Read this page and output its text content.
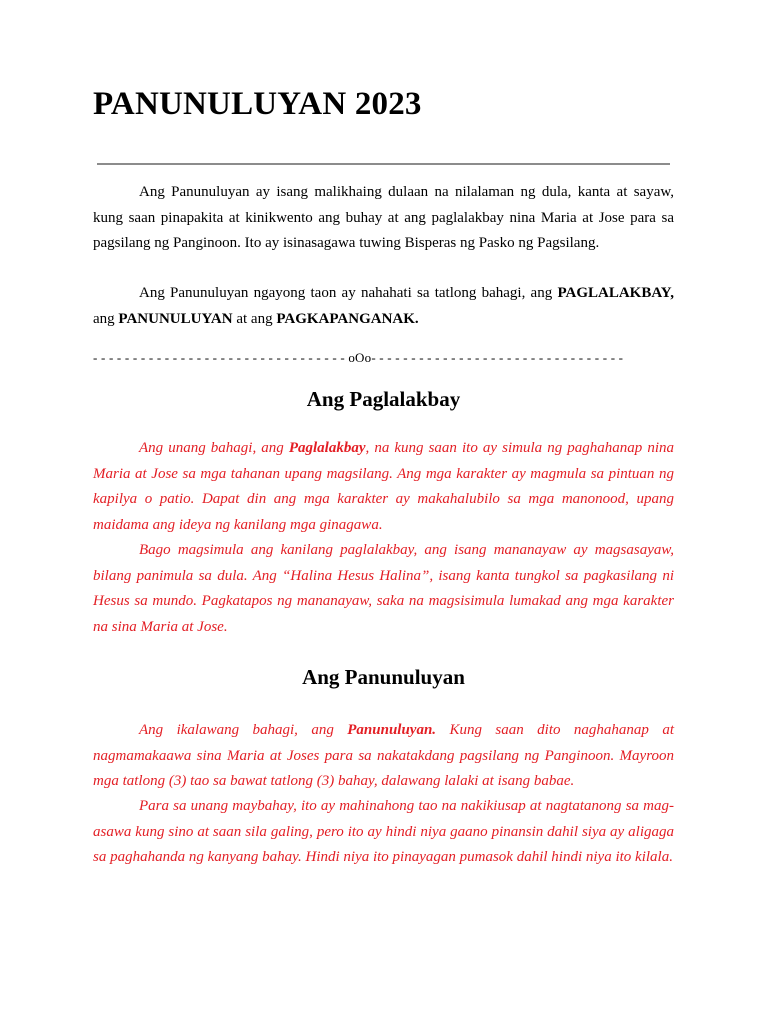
PANUNULUYAN 2023

Ang Panunuluyan ay isang malikhaing dulaan na nilalaman ng dula, kanta at sayaw, kung saan pinapakita at kinikwento ang buhay at ang paglalakbay nina Maria at Jose para sa pagsilang ng Panginoon. Ito ay isinasagawa tuwing Bisperas ng Pasko ng Pagsilang.

Ang Panunuluyan ngayong taon ay nahahati sa tatlong bahagi, ang PAGLALAKBAY, ang PANUNULUYAN at ang PAGKAPANGANAK.

- - - - - - - - - - - - - - - - - - - - - - - - - - - - - - - - oOo- - - - - - - - - - - - - - - - - - - - - - - - - - - - - - - -
Ang Paglalakbay

Ang unang bahagi, ang Paglalakbay, na kung saan ito ay simula ng paghahanap nina Maria at Jose sa mga tahanan upang magsilang. Ang mga karakter ay magmula sa pintuan ng kapilya o patio. Dapat din ang mga karakter ay makahalubilo sa mga manonood, upang maidama ang ideya ng kanilang mga ginagawa.

Bago magsimula ang kanilang paglalakbay, ang isang mananayaw ay magsasayaw, bilang panimula sa dula. Ang “Halina Hesus Halina”, isang kanta tungkol sa pagkasilang ni Hesus sa mundo. Pagkatapos ng mananayaw, saka na magsisimula lumakad ang mga karakter na sina Maria at Jose.

Ang Panunuluyan

Ang ikalawang bahagi, ang Panunuluyan. Kung saan dito naghahanap at nagmamakaawa sina Maria at Joses para sa nakatakdang pagsilang ng Panginoon. Mayroon mga tatlong (3) tao sa bawat tatlong (3) bahay, dalawang lalaki at isang babae.

Para sa unang maybahay, ito ay mahinahong tao na nakikiusap at nagtatanong sa mag-asawa kung sino at saan sila galing, pero ito ay hindi niya gaano pinansin dahil siya ay aligaga sa paghahanda ng kanyang bahay. Hindi niya ito pinayagan pumasok dahil hindi niya ito kilala.
